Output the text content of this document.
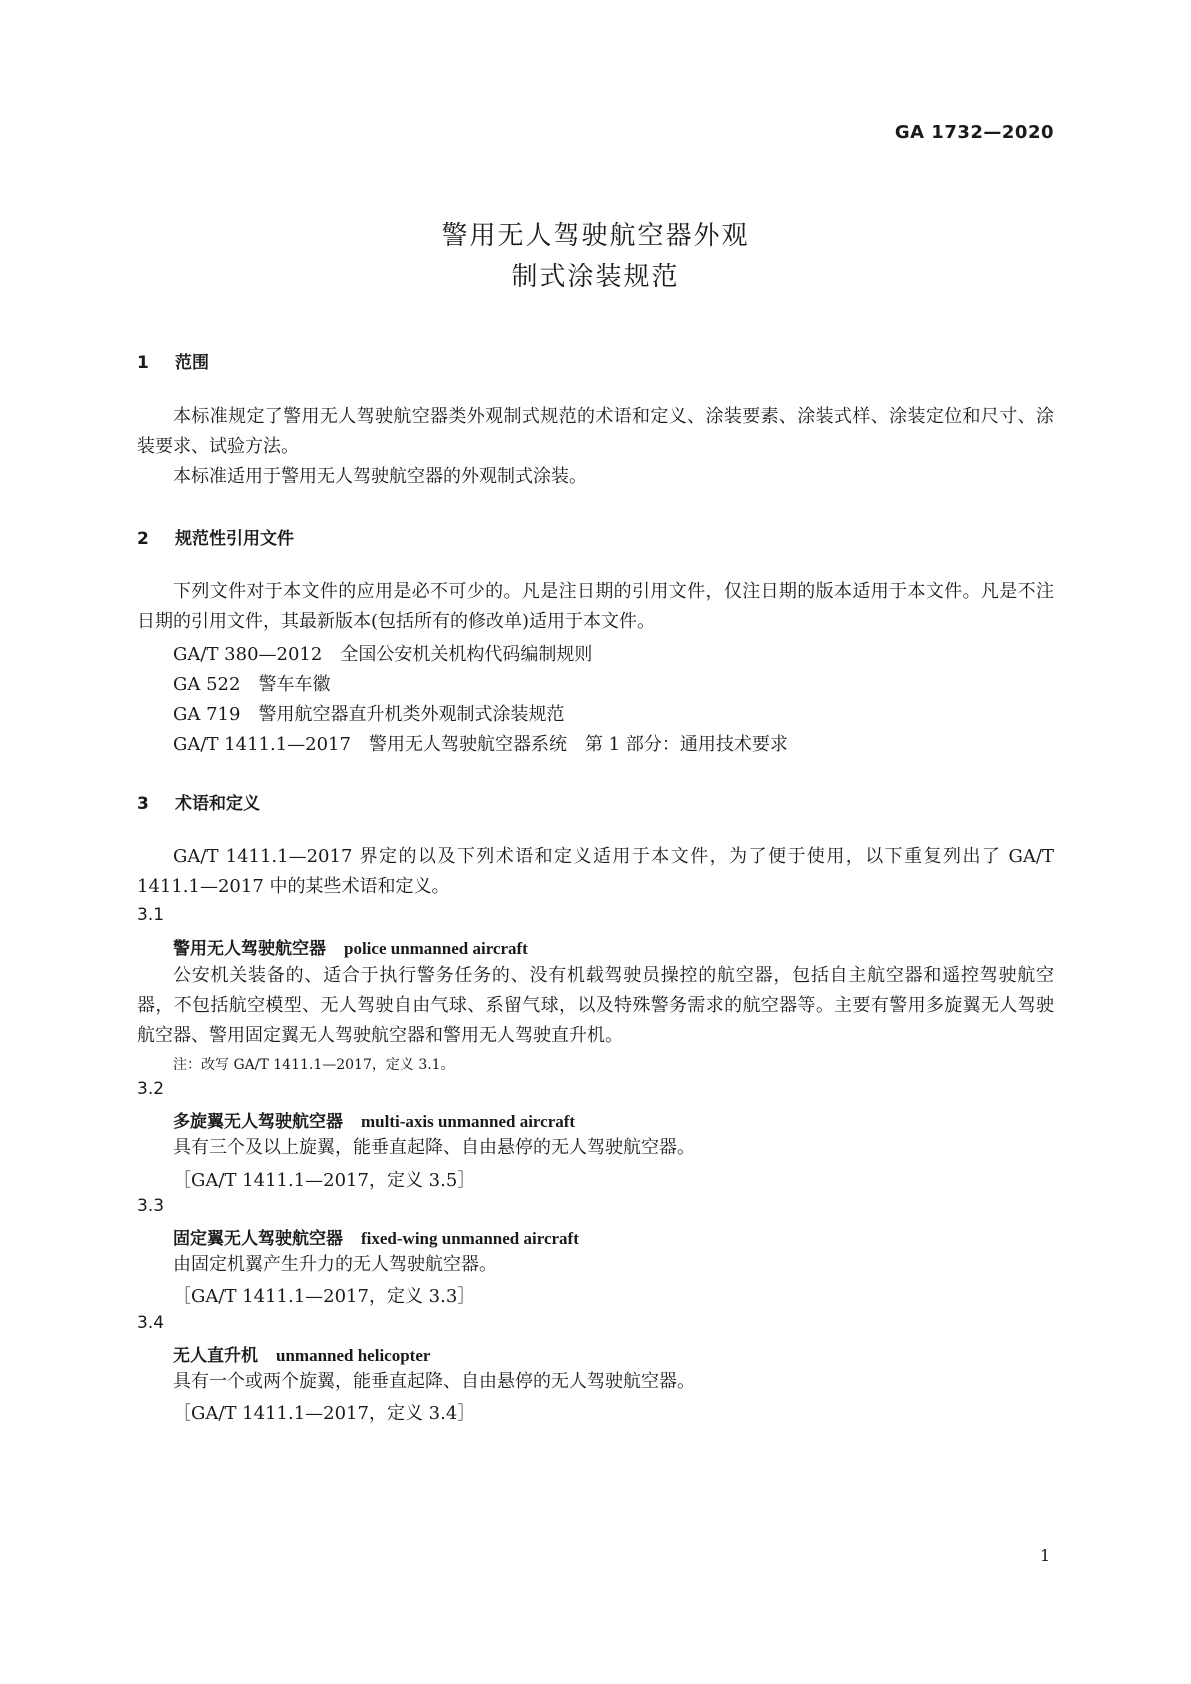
GA 1732—2020
警用无人驾驶航空器外观
制式涂装规范
1 范围
本标准规定了警用无人驾驶航空器类外观制式规范的术语和定义、涂装要素、涂装式样、涂装定位和尺寸、涂装要求、试验方法。
本标准适用于警用无人驾驶航空器的外观制式涂装。
2 规范性引用文件
下列文件对于本文件的应用是必不可少的。凡是注日期的引用文件，仅注日期的版本适用于本文件。凡是不注日期的引用文件，其最新版本(包括所有的修改单)适用于本文件。
GA/T 380—2012　全国公安机关机构代码编制规则
GA 522　警车车徽
GA 719　警用航空器直升机类外观制式涂装规范
GA/T 1411.1—2017　警用无人驾驶航空器系统　第 1 部分：通用技术要求
3 术语和定义
GA/T 1411.1—2017 界定的以及下列术语和定义适用于本文件，为了便于使用，以下重复列出了 GA/T 1411.1—2017 中的某些术语和定义。
3.1
警用无人驾驶航空器 police unmanned aircraft
公安机关装备的、适合于执行警务任务的、没有机载驾驶员操控的航空器，包括自主航空器和遥控驾驶航空器，不包括航空模型、无人驾驶自由气球、系留气球，以及特殊警务需求的航空器等。主要有警用多旋翼无人驾驶航空器、警用固定翼无人驾驶航空器和警用无人驾驶直升机。
注：改写 GA/T 1411.1—2017，定义 3.1。
3.2
多旋翼无人驾驶航空器 multi-axis unmanned aircraft
具有三个及以上旋翼，能垂直起降、自由悬停的无人驾驶航空器。
［GA/T 1411.1—2017，定义 3.5］
3.3
固定翼无人驾驶航空器 fixed-wing unmanned aircraft
由固定机翼产生升力的无人驾驶航空器。
［GA/T 1411.1—2017，定义 3.3］
3.4
无人直升机 unmanned helicopter
具有一个或两个旋翼，能垂直起降、自由悬停的无人驾驶航空器。
［GA/T 1411.1—2017，定义 3.4］
1
